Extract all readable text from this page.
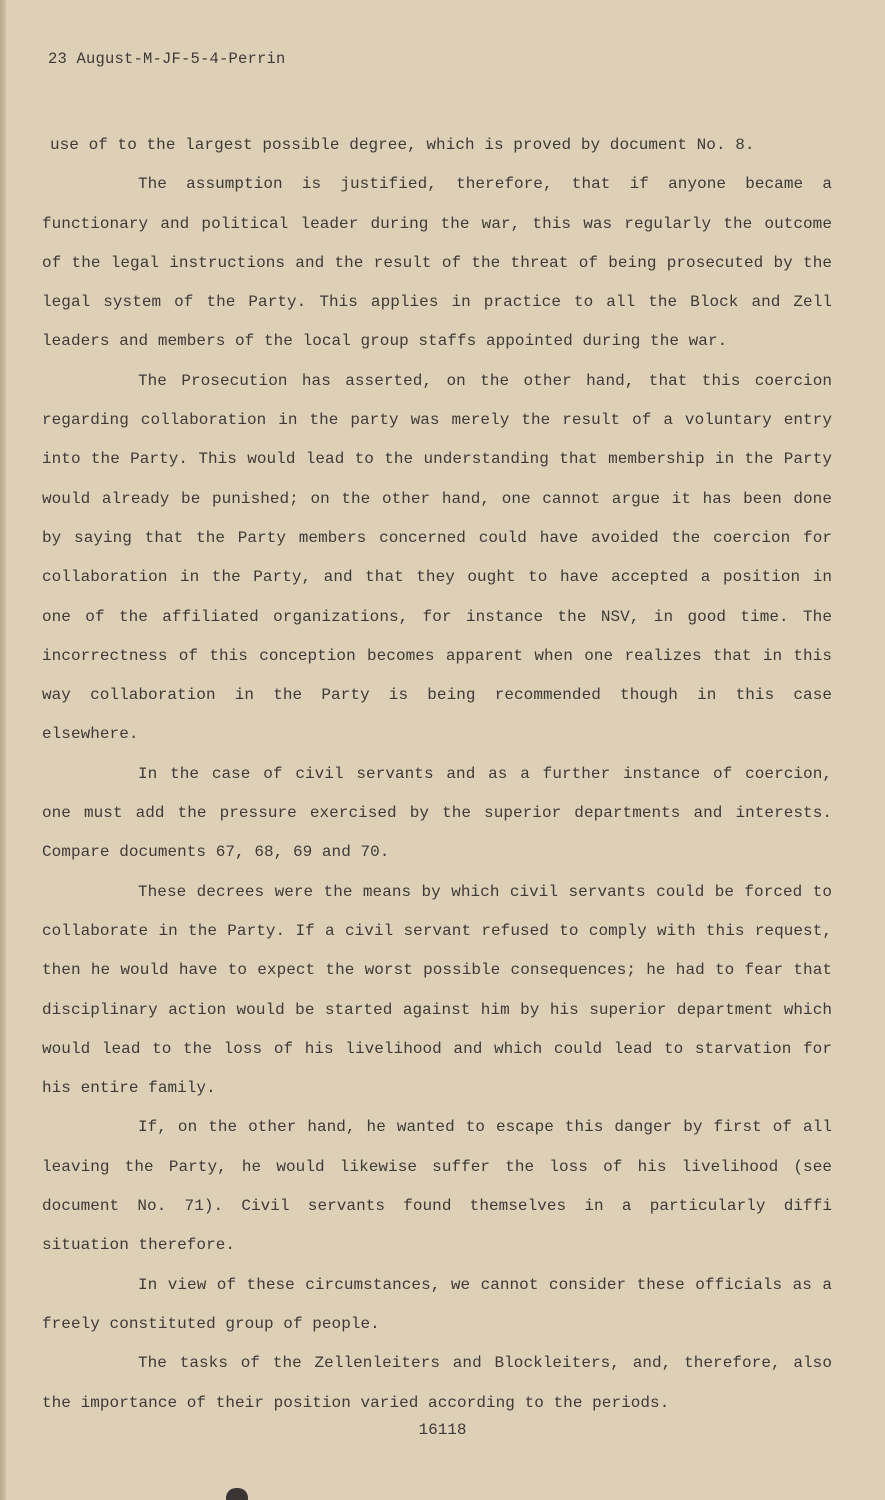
23 August-M-JF-5-4-Perrin

use of to the largest possible degree, which is proved by document No. 8.

The assumption is justified, therefore, that if anyone became a functionary and political leader during the war, this was regularly the outcome of the legal instructions and the result of the threat of being prosecuted by the legal system of the Party. This applies in practice to all the Block and Zell leaders and members of the local group staffs appointed during the war.

The Prosecution has asserted, on the other hand, that this coercion regarding collaboration in the party was merely the result of a voluntary entry into the Party. This would lead to the understanding that membership in the Party would already be punished; on the other hand, one cannot argue it has been done by saying that the Party members concerned could have avoided the coercion for collaboration in the Party, and that they ought to have accepted a position in one of the affiliated organizations, for instance the NSV, in good time. The incorrectness of this conception becomes apparent when one realizes that in this way collaboration in the Party is being recommended though in this case elsewhere.

In the case of civil servants and as a further instance of coercion, one must add the pressure exercised by the superior departments and interests. Compare documents 67, 68, 69 and 70.

These decrees were the means by which civil servants could be forced to collaborate in the Party. If a civil servant refused to comply with this request, then he would have to expect the worst possible consequences; he had to fear that disciplinary action would be started against him by his superior department which would lead to the loss of his livelihood and which could lead to starvation for his entire family.

If, on the other hand, he wanted to escape this danger by first of all leaving the Party, he would likewise suffer the loss of his livelihood (see document No. 71). Civil servants found themselves in a particularly diffi situation therefore.

In view of these circumstances, we cannot consider these officials as a freely constituted group of people.

The tasks of the Zellenleiters and Blockleiters, and, therefore, also the importance of their position varied according to the periods.

16118
